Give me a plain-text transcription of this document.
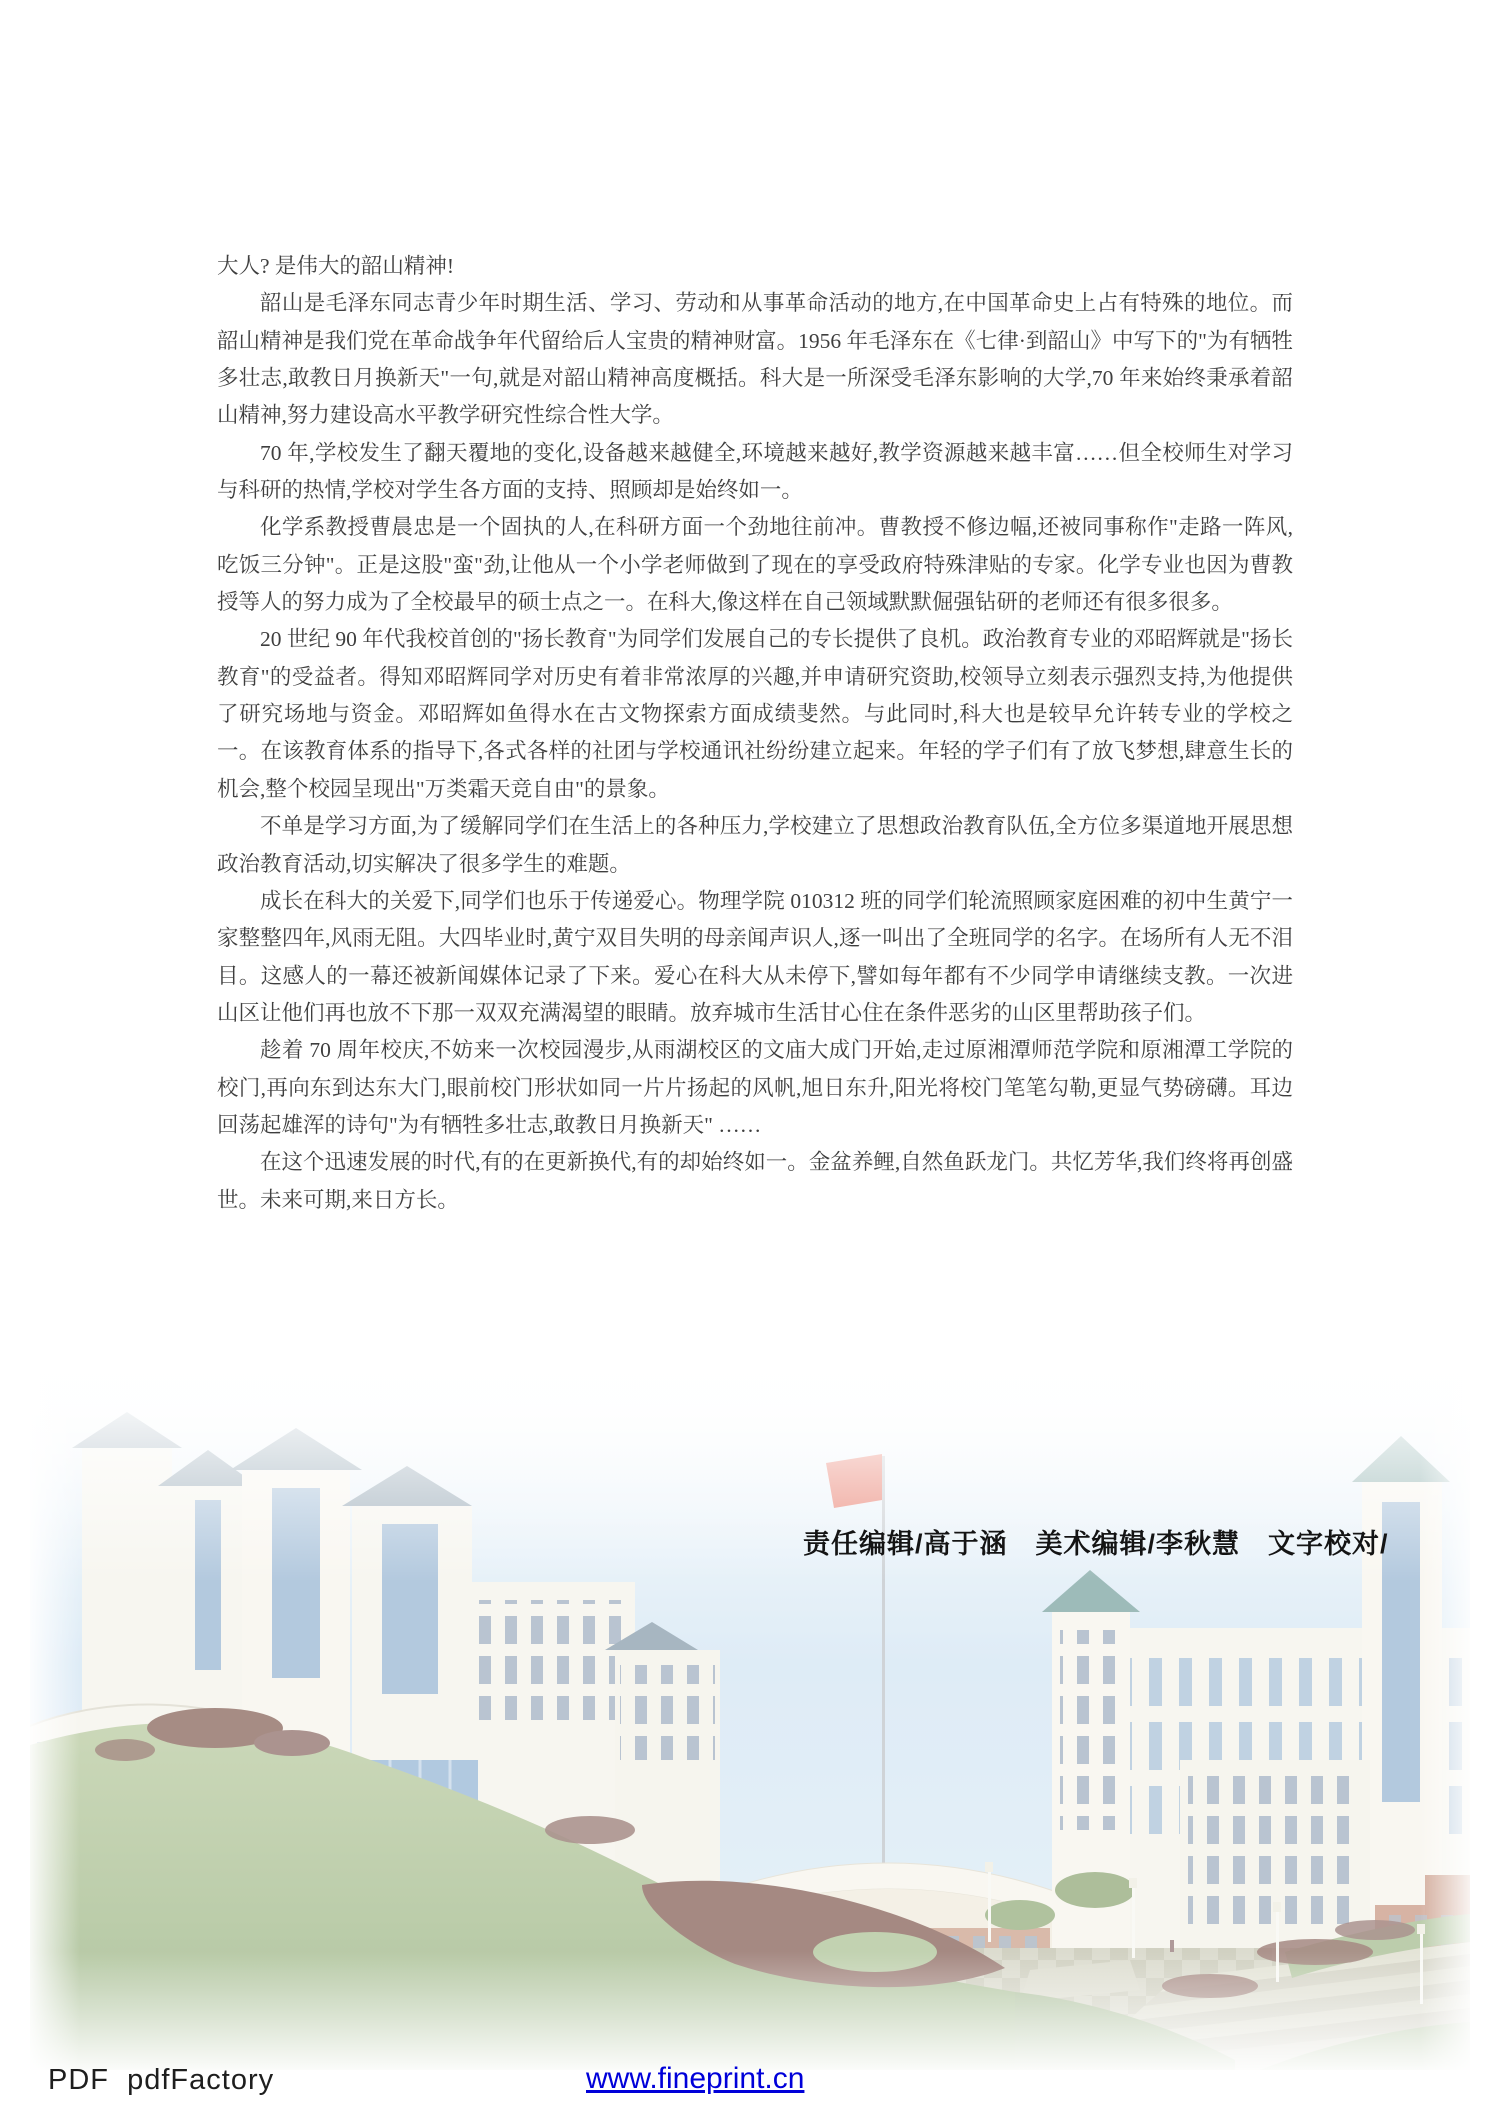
大人? 是伟大的韶山精神!

韶山是毛泽东同志青少年时期生活、学习、劳动和从事革命活动的地方,在中国革命史上占有特殊的地位。而韶山精神是我们党在革命战争年代留给后人宝贵的精神财富。1956 年毛泽东在《七律·到韶山》中写下的"为有牺牲多壮志,敢教日月换新天"一句,就是对韶山精神高度概括。科大是一所深受毛泽东影响的大学,70 年来始终秉承着韶山精神,努力建设高水平教学研究性综合性大学。

70 年,学校发生了翻天覆地的变化,设备越来越健全,环境越来越好,教学资源越来越丰富……但全校师生对学习与科研的热情,学校对学生各方面的支持、照顾却是始终如一。

化学系教授曹晨忠是一个固执的人,在科研方面一个劲地往前冲。曹教授不修边幅,还被同事称作"走路一阵风,吃饭三分钟"。正是这股"蛮"劲,让他从一个小学老师做到了现在的享受政府特殊津贴的专家。化学专业也因为曹教授等人的努力成为了全校最早的硕士点之一。在科大,像这样在自己领域默默倔强钻研的老师还有很多很多。

20 世纪 90 年代我校首创的"扬长教育"为同学们发展自己的专长提供了良机。政治教育专业的邓昭辉就是"扬长教育"的受益者。得知邓昭辉同学对历史有着非常浓厚的兴趣,并申请研究资助,校领导立刻表示强烈支持,为他提供了研究场地与资金。邓昭辉如鱼得水在古文物探索方面成绩斐然。与此同时,科大也是较早允许转专业的学校之一。在该教育体系的指导下,各式各样的社团与学校通讯社纷纷建立起来。年轻的学子们有了放飞梦想,肆意生长的机会,整个校园呈现出"万类霜天竞自由"的景象。

不单是学习方面,为了缓解同学们在生活上的各种压力,学校建立了思想政治教育队伍,全方位多渠道地开展思想政治教育活动,切实解决了很多学生的难题。

成长在科大的关爱下,同学们也乐于传递爱心。物理学院 010312 班的同学们轮流照顾家庭困难的初中生黄宁一家整整四年,风雨无阻。大四毕业时,黄宁双目失明的母亲闻声识人,逐一叫出了全班同学的名字。在场所有人无不泪目。这感人的一幕还被新闻媒体记录了下来。爱心在科大从未停下,譬如每年都有不少同学申请继续支教。一次进山区让他们再也放不下那一双双充满渴望的眼睛。放弃城市生活甘心住在条件恶劣的山区里帮助孩子们。

趁着 70 周年校庆,不妨来一次校园漫步,从雨湖校区的文庙大成门开始,走过原湘潭师范学院和原湘潭工学院的校门,再向东到达东大门,眼前校门形状如同一片片扬起的风帆,旭日东升,阳光将校门笔笔勾勒,更显气势磅礴。耳边回荡起雄浑的诗句"为有牺牲多壮志,敢教日月换新天" ……

在这个迅速发展的时代,有的在更新换代,有的却始终如一。金盆养鲤,自然鱼跃龙门。共忆芳华,我们终将再创盛世。未来可期,来日方长。

责任编辑/高于涵　美术编辑/李秋慧　文字校对/
PDF  pdfFactory	www.fineprint.cn
